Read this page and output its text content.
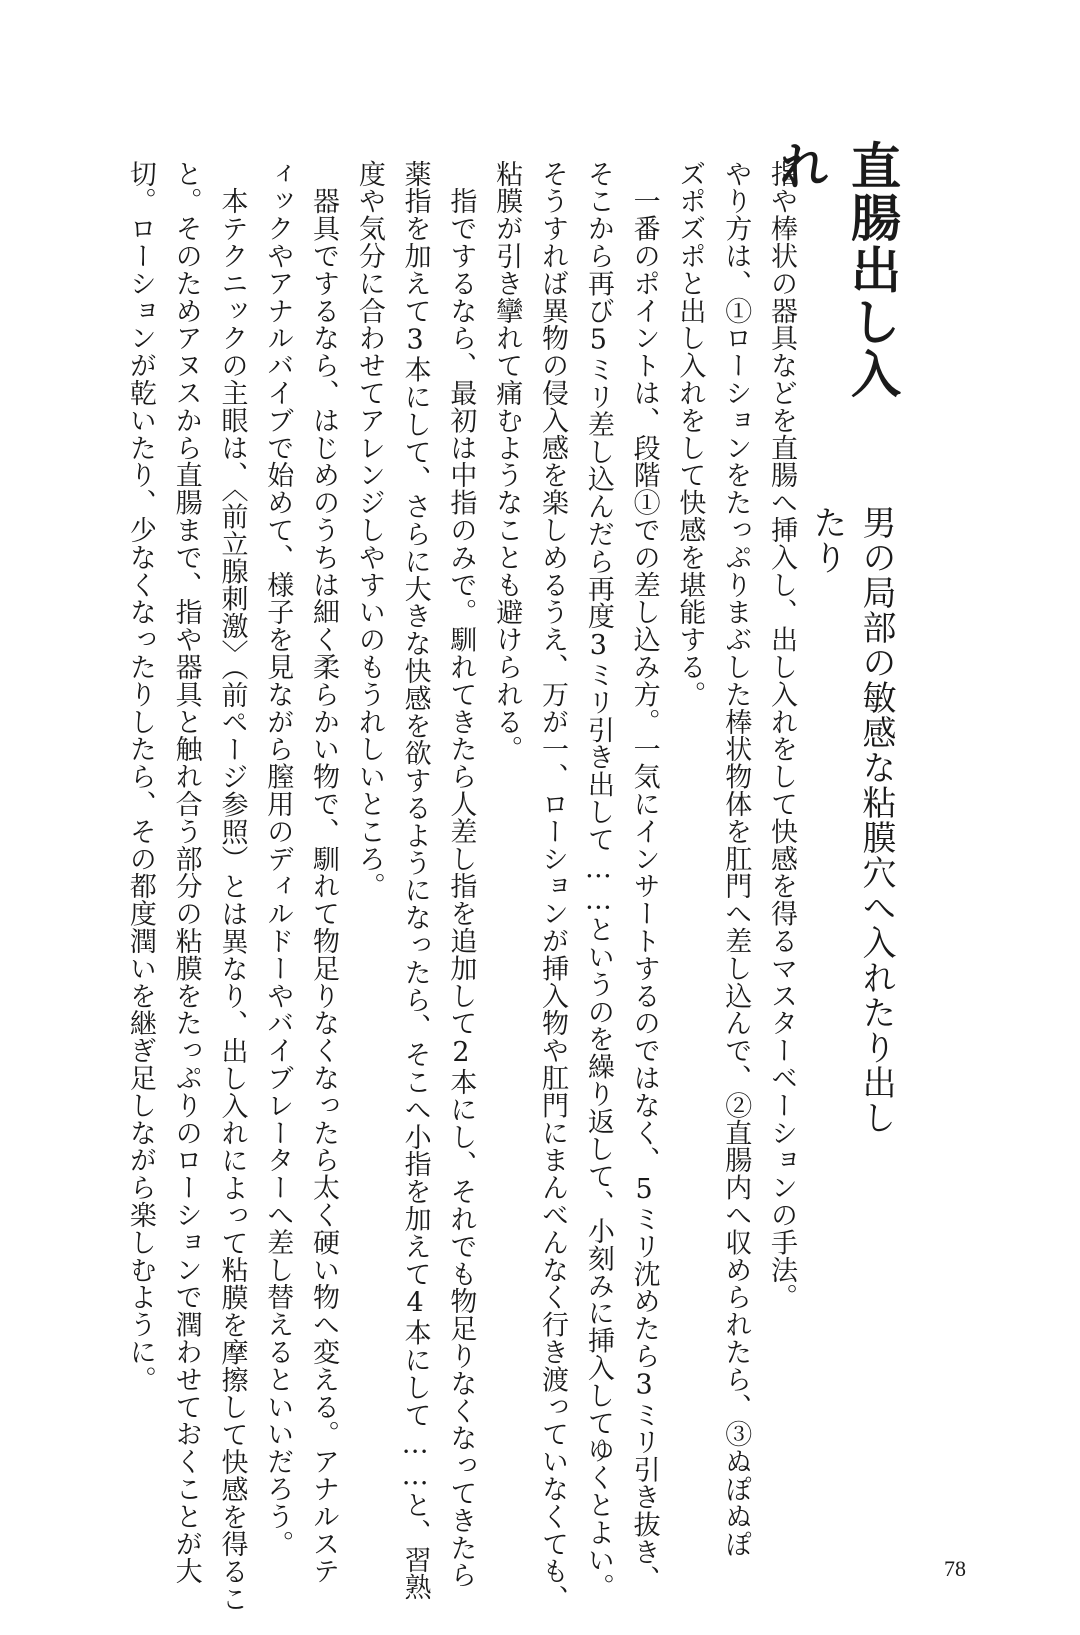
直腸出し入れ
男の局部の敏感な粘膜穴へ入れたり出したり
指や棒状の器具などを直腸へ挿入し、出し入れをして快感を得るマスターベーションの手法。
やり方は、①ローションをたっぷりまぶした棒状物体を肛門へ差し込んで、②直腸内へ収められたら、③ぬぽぬぽ
ズポズポと出し入れをして快感を堪能する。
　一番のポイントは、段階①での差し込み方。一気にインサートするのではなく、5ミリ沈めたら3ミリ引き抜き、
そこから再び5ミリ差し込んだら再度3ミリ引き出して……というのを繰り返して、小刻みに挿入してゆくとよい。
そうすれば異物の侵入感を楽しめるうえ、万が一、ローションが挿入物や肛門にまんべんなく行き渡っていなくても、
粘膜が引き攣れて痛むようなことも避けられる。
　指でするなら、最初は中指のみで。馴れてきたら人差し指を追加して2本にし、それでも物足りなくなってきたら
薬指を加えて3本にして、さらに大きな快感を欲するようになったら、そこへ小指を加えて4本にして……と、習熟
度や気分に合わせてアレンジしやすいのもうれしいところ。
　器具でするなら、はじめのうちは細く柔らかい物で、馴れて物足りなくなったら太く硬い物へ変える。アナルステ
ィックやアナルバイブで始めて、様子を見ながら膣用のディルドーやバイブレーターへ差し替えるといいだろう。
　本テクニックの主眼は、〈前立腺刺激〉（前ページ参照）とは異なり、出し入れによって粘膜を摩擦して快感を得るこ
と。そのためアヌスから直腸まで、指や器具と触れ合う部分の粘膜をたっぷりのローションで潤わせておくことが大
切。ローションが乾いたり、少なくなったりしたら、その都度潤いを継ぎ足しながら楽しむように。
78
